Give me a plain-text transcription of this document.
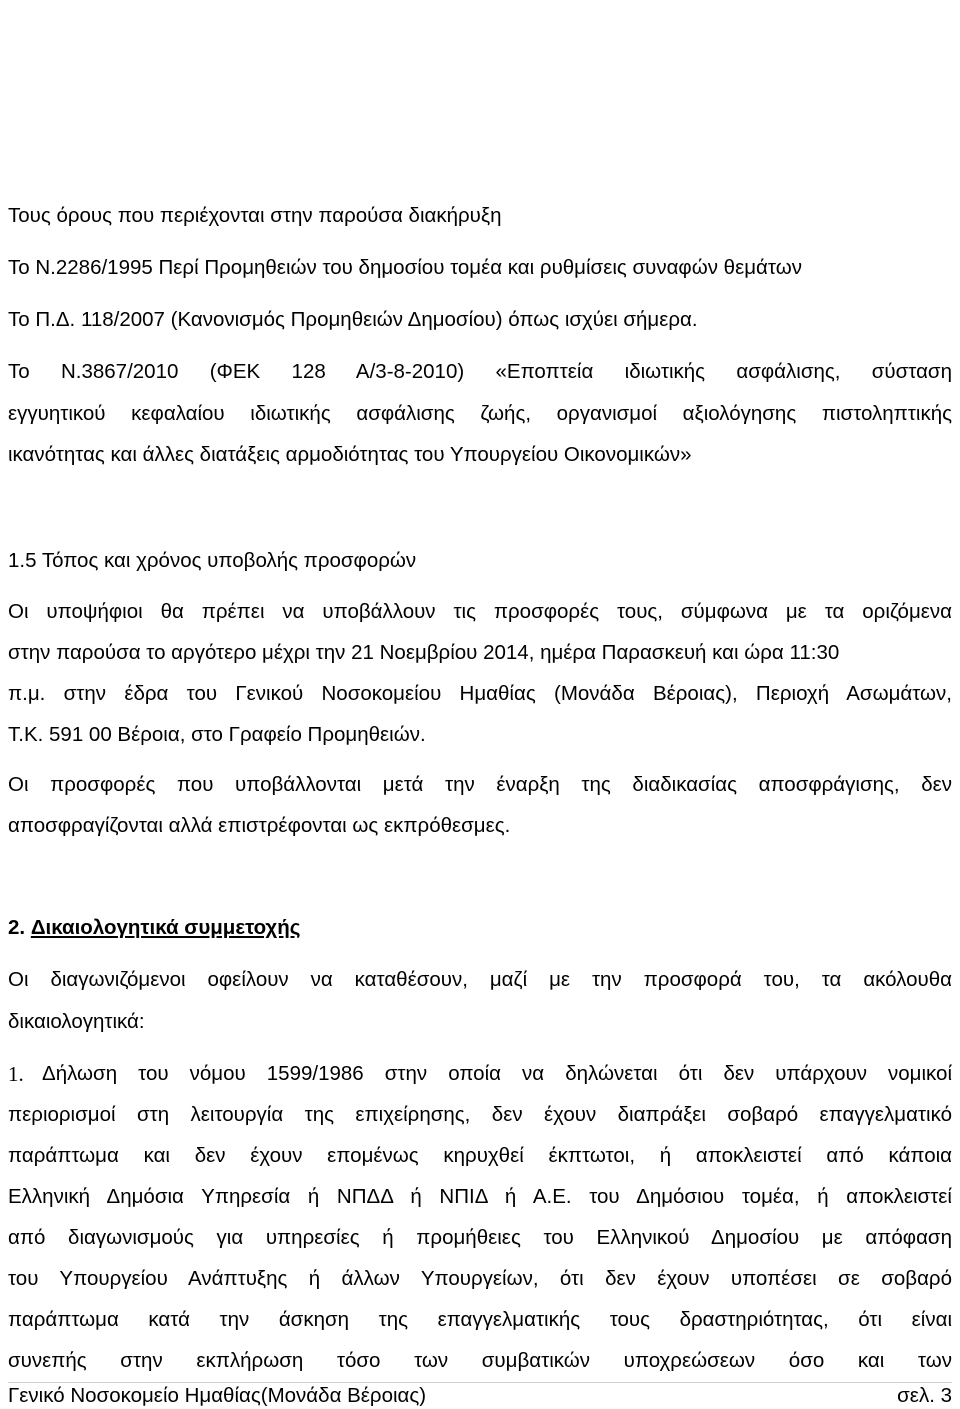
Τους όρους που περιέχονται στην παρούσα διακήρυξη
Το Ν.2286/1995 Περί Προμηθειών του δημοσίου τομέα και ρυθμίσεις συναφών θεμάτων
Το Π.Δ. 118/2007 (Κανονισμός Προμηθειών Δημοσίου) όπως ισχύει σήμερα.
Το Ν.3867/2010 (ΦΕΚ 128 Α/3-8-2010) «Εποπτεία ιδιωτικής ασφάλισης, σύσταση
εγγυητικού κεφαλαίου ιδιωτικής ασφάλισης ζωής, οργανισμοί αξιολόγησης πιστοληπτικής
ικανότητας και άλλες διατάξεις αρμοδιότητας του Υπουργείου Οικονομικών»
1.5 Τόπος και χρόνος υποβολής προσφορών
Οι υποψήφιοι θα πρέπει να υποβάλλουν τις προσφορές τους, σύμφωνα με τα οριζόμενα
στην παρούσα το αργότερο μέχρι την 21 Νοεμβρίου 2014, ημέρα Παρασκευή και ώρα 11:30
π.μ. στην έδρα του Γενικού Νοσοκομείου Ημαθίας (Μονάδα Βέροιας), Περιοχή Ασωμάτων,
Τ.Κ. 591 00 Βέροια, στο Γραφείο Προμηθειών.
Οι προσφορές που υποβάλλονται μετά την έναρξη της διαδικασίας αποσφράγισης, δεν
αποσφραγίζονται αλλά επιστρέφονται ως εκπρόθεσμες.
2. Δικαιολογητικά συμμετοχής
Οι διαγωνιζόμενοι οφείλουν να καταθέσουν, μαζί με την προσφορά του, τα ακόλουθα
δικαιολογητικά:
1. Δήλωση του νόμου 1599/1986 στην οποία να δηλώνεται ότι δεν υπάρχουν νομικοί
περιορισμοί στη λειτουργία της επιχείρησης, δεν έχουν διαπράξει σοβαρό επαγγελματικό
παράπτωμα και δεν έχουν επομένως κηρυχθεί έκπτωτοι, ή αποκλειστεί από κάποια
Ελληνική Δημόσια Υπηρεσία ή ΝΠΔΔ ή ΝΠΙΔ ή Α.Ε. του Δημόσιου τομέα, ή αποκλειστεί
από διαγωνισμούς για υπηρεσίες ή προμήθειες του Ελληνικού Δημοσίου με απόφαση
του Υπουργείου Ανάπτυξης ή άλλων Υπουργείων, ότι δεν έχουν υποπέσει σε σοβαρό
παράπτωμα κατά την άσκηση της επαγγελματικής τους δραστηριότητας, ότι είναι
συνεπής στην εκπλήρωση τόσο των συμβατικών υποχρεώσεων όσο και των
Γενικό Νοσοκομείο Ημαθίας(Μονάδα Βέροιας)	σελ. 3
